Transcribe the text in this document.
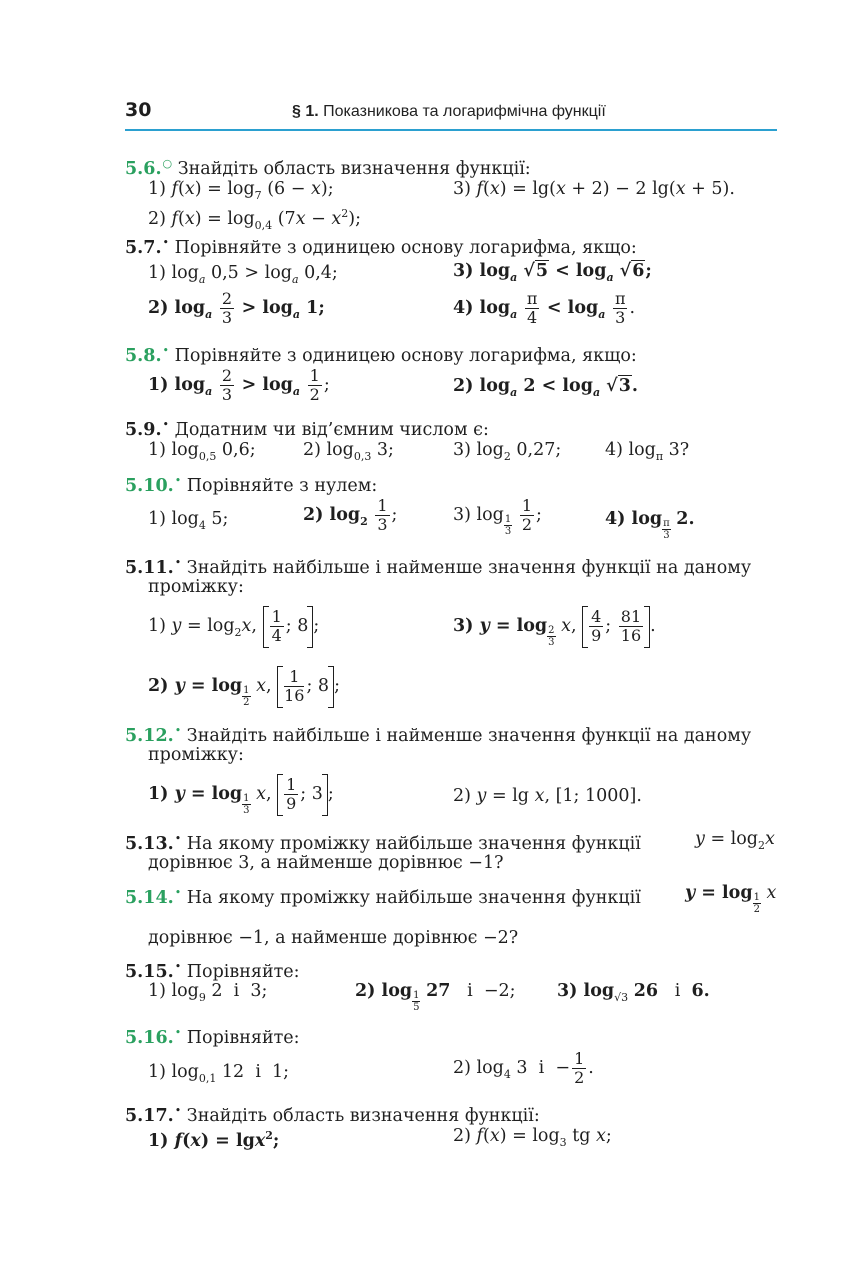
30	§ 1. Показникова та логарифмічна функції
5.6.○ Знайдіть область визначення функції:
1) $f(x) = \log_7 (6 - x)$;	3) f(x) = lg(x + 2) − 2 lg(x + 5).
2) $f(x) = \log_{0,4} (7x - x^2)$;
5.7.• Порівняйте з одиницею основу логарифма, якщо:
1) $\log_a 0,5 > \log_a 0,4$;	3) $\log_a √5 < \log_a √6$;
2) $\log_a \frac{2}{3} > \log_a 1$;	4) $\log_a \frac{\pi}{4} < \log_a \frac{\pi}{3}$ .
5.8.• Порівняйте з одиницею основу логарифма, якщо:
1) $\log_a \frac{2}{3} > \log_a \frac{1}{2}$ ;	2) $\log_a 2 < \log_a √3$.
5.9.• Додатним чи від’ємним числом є:
1) $\log_{0,5} 0,6$;	2) $\log_{0,3} 3$;	3) $\log_2 0,27$; 4) $\log_\pi 3$?
5.10.• Порівняйте з нулем:
1) $\log_4 5$;	2) $\log_2 \frac{1}{3}$ ;	3) $\log \frac{1}{3} \frac{1}{2}$ ;	4) $\log \frac{\pi}{3} 2$.
5.11.• Знайдіть найбільше і найменше значення функції на даному
проміжку:
1) $y = \log_2x$, $\frac{1}{4}$ ; 8 ;	3) $y = \log \frac{2}{3} x$, $\frac{4}{9}$ ; $\frac{81}{16}$ .
2) $y = \log \frac{1}{2} x$, $\frac{1}{16}$ ; 8 ;
5.12.• Знайдіть найбільше і найменше значення функції на даному
проміжку:
1) $y = \log \frac{1}{3} x$, $\frac{1}{9}$ ; 3 ;	2) y = lg x, [1; 1000].
5.13.• На якому проміжку найбільше значення функції	$y = \log_2x$
дорівнює 3, а найменше дорівнює −1?
5.14.• На якому проміжку найбільше значення функції	$y = \log \frac{1}{2}$ x
дорівнює −1, а найменше дорівнює −2?
5.15.• Порівняйте:
1) $\log_9 2$  і  3;	2) $\log \frac{1}{5} 27$   і  −2; 3) $\log_{√3} 26$   і  6.
5.16.• Порівняйте:
1) $\log_{0,1} 12$  і  1;	2) $\log_4 3$  $і - \frac{1}{2}$ .
5.17.• Знайдіть область визначення функції:
1) f(x) = lgx$^2$;	2) $f(x) = \log_3$ tg x;
